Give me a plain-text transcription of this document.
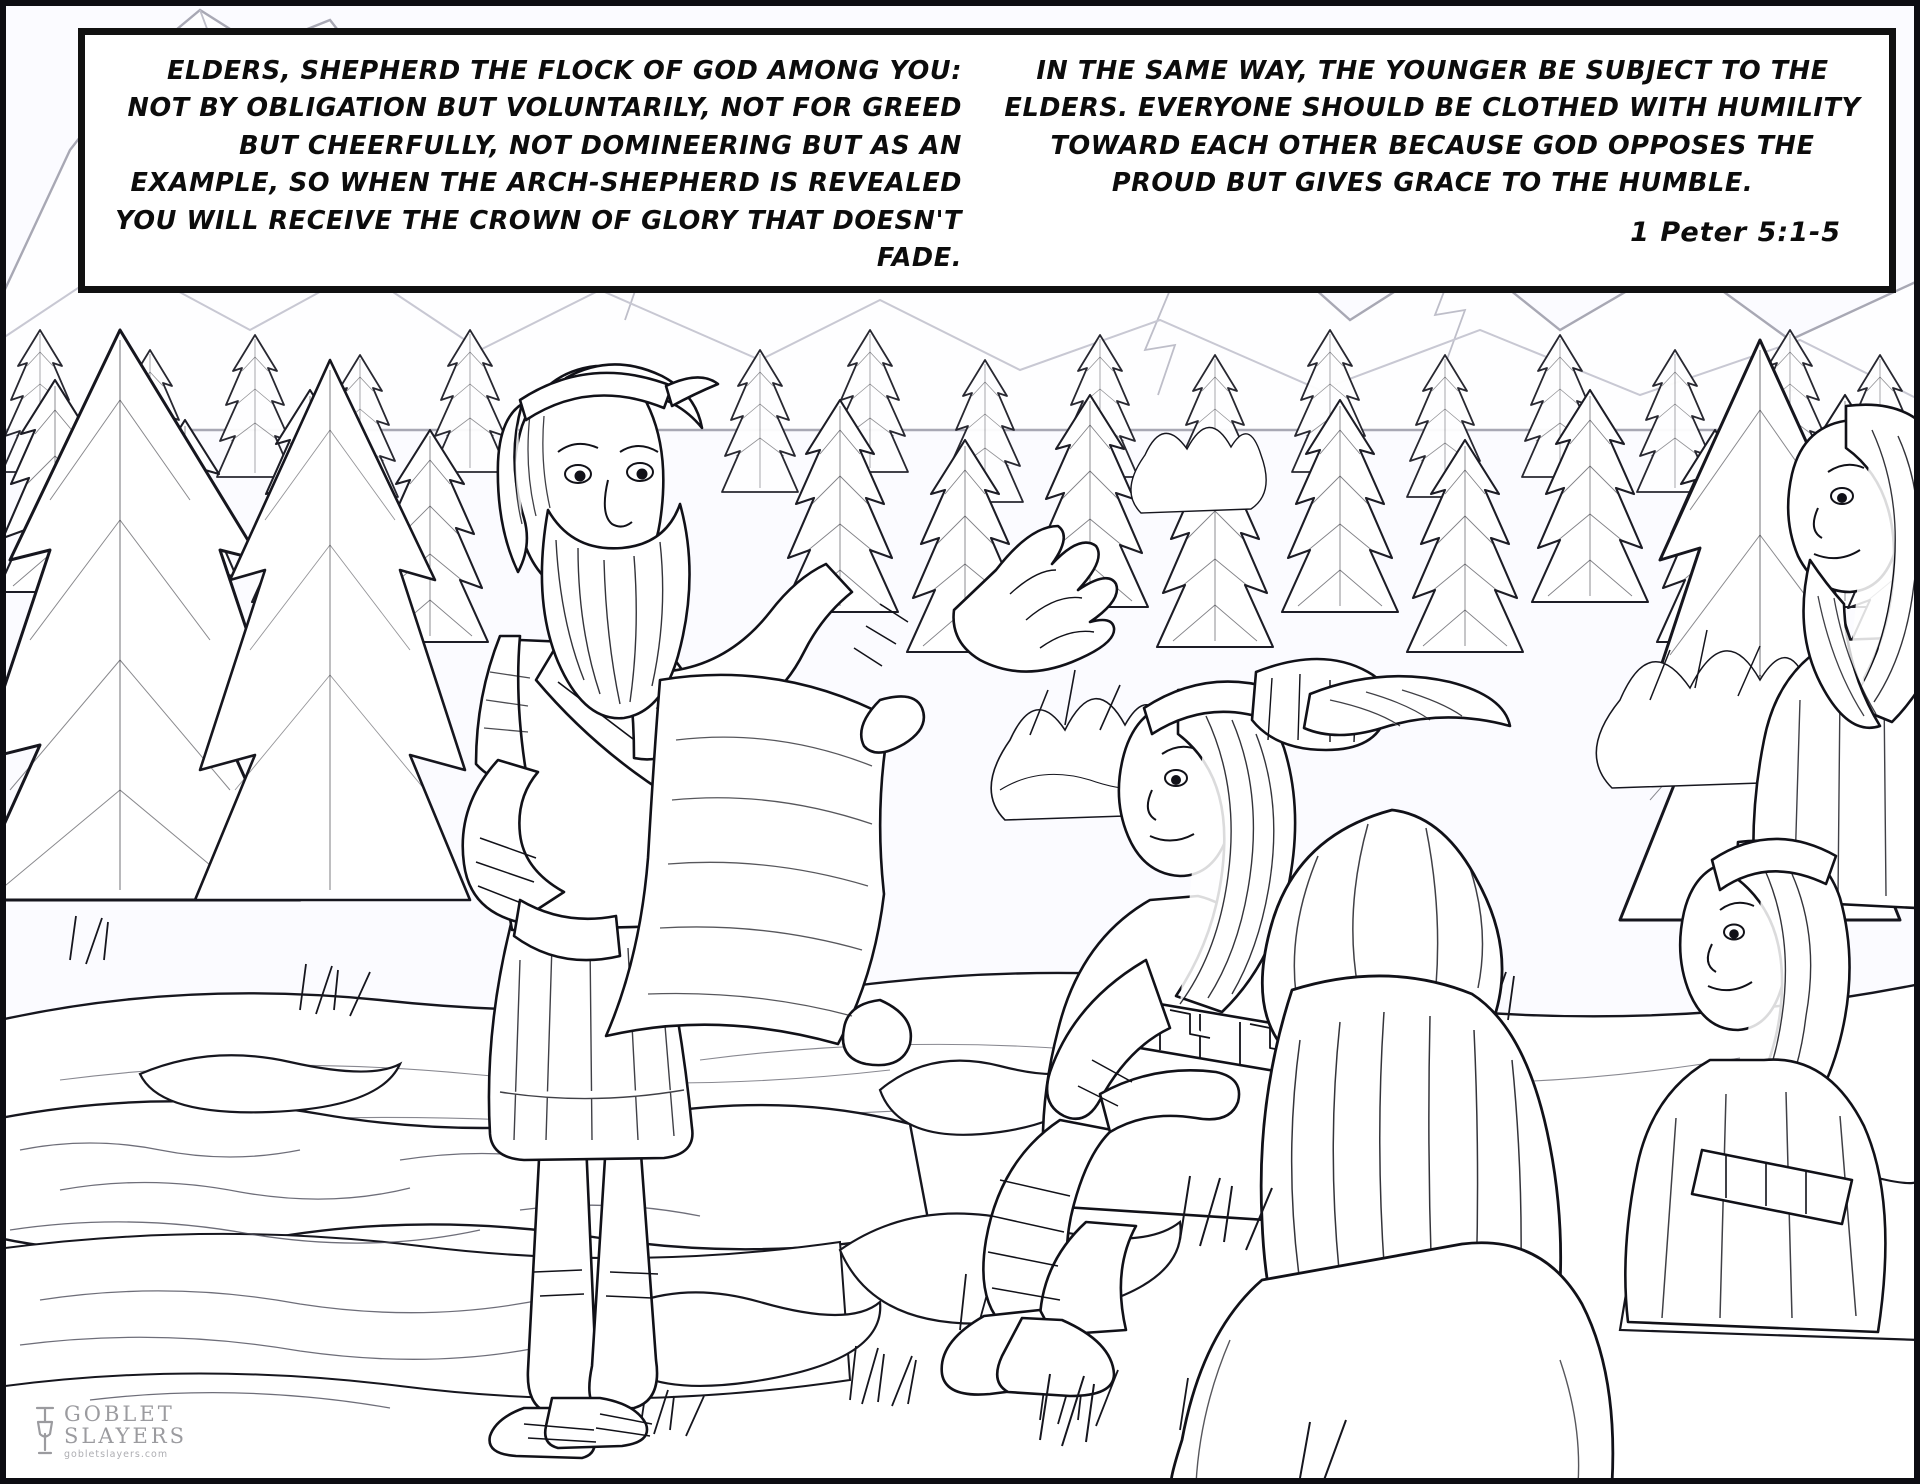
ELDERS, SHEPHERD THE FLOCK OF GOD AMONG YOU: NOT BY OBLIGATION BUT VOLUNTARILY, NOT FOR GREED BUT CHEERFULLY, NOT DOMINEERING BUT AS AN EXAMPLE, SO WHEN THE ARCH-SHEPHERD IS REVEALED YOU WILL RECEIVE THE CROWN OF GLORY THAT DOESN'T FADE.
IN THE SAME WAY, THE YOUNGER BE SUBJECT TO THE ELDERS. EVERYONE SHOULD BE CLOTHED WITH HUMILITY TOWARD EACH OTHER BECAUSE GOD OPPOSES THE PROUD BUT GIVES GRACE TO THE HUMBLE.
1 Peter 5:1-5
GOBLET
SLAYERS
gobletslayers.com
